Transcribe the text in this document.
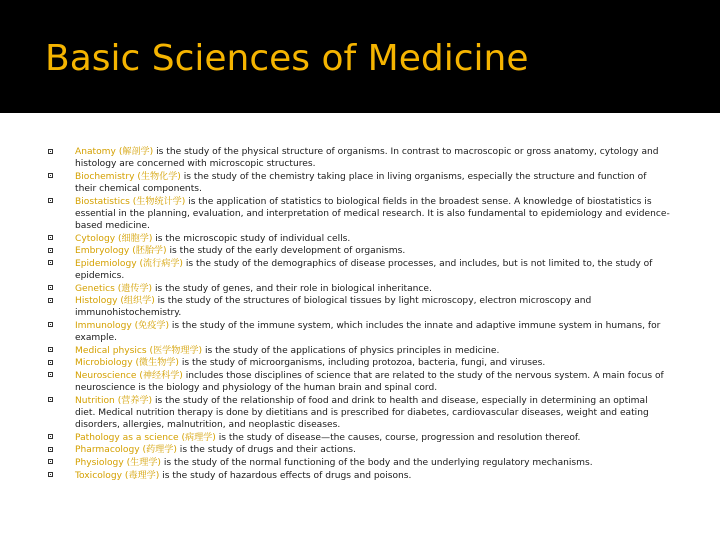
Basic Sciences of Medicine
Anatomy (解剖学) is the study of the physical structure of organisms. In contrast to macroscopic or gross anatomy, cytology and histology are concerned with microscopic structures.
Biochemistry (生物化学) is the study of the chemistry taking place in living organisms, especially the structure and function of their chemical components.
Biostatistics (生物统计学) is the application of statistics to biological fields in the broadest sense. A knowledge of biostatistics is essential in the planning, evaluation, and interpretation of medical research. It is also fundamental to epidemiology and evidence-based medicine.
Cytology (细胞学) is the microscopic study of individual cells.
Embryology (胚胎学) is the study of the early development of organisms.
Epidemiology (流行病学) is the study of the demographics of disease processes, and includes, but is not limited to, the study of epidemics.
Genetics (遗传学) is the study of genes, and their role in biological inheritance.
Histology (组织学) is the study of the structures of biological tissues by light microscopy, electron microscopy and immunohistochemistry.
Immunology (免疫学) is the study of the immune system, which includes the innate and adaptive immune system in humans, for example.
Medical physics (医学物理学) is the study of the applications of physics principles in medicine.
Microbiology (微生物学) is the study of microorganisms, including protozoa, bacteria, fungi, and viruses.
Neuroscience (神经科学) includes those disciplines of science that are related to the study of the nervous system. A main focus of neuroscience is the biology and physiology of the human brain and spinal cord.
Nutrition (营养学) is the study of the relationship of food and drink to health and disease, especially in determining an optimal diet. Medical nutrition therapy is done by dietitians and is prescribed for diabetes, cardiovascular diseases, weight and eating disorders, allergies, malnutrition, and neoplastic diseases.
Pathology as a science (病理学) is the study of disease—the causes, course, progression and resolution thereof.
Pharmacology (药理学) is the study of drugs and their actions.
Physiology (生理学) is the study of the normal functioning of the body and the underlying regulatory mechanisms.
Toxicology (毒理学) is the study of hazardous effects of drugs and poisons.
